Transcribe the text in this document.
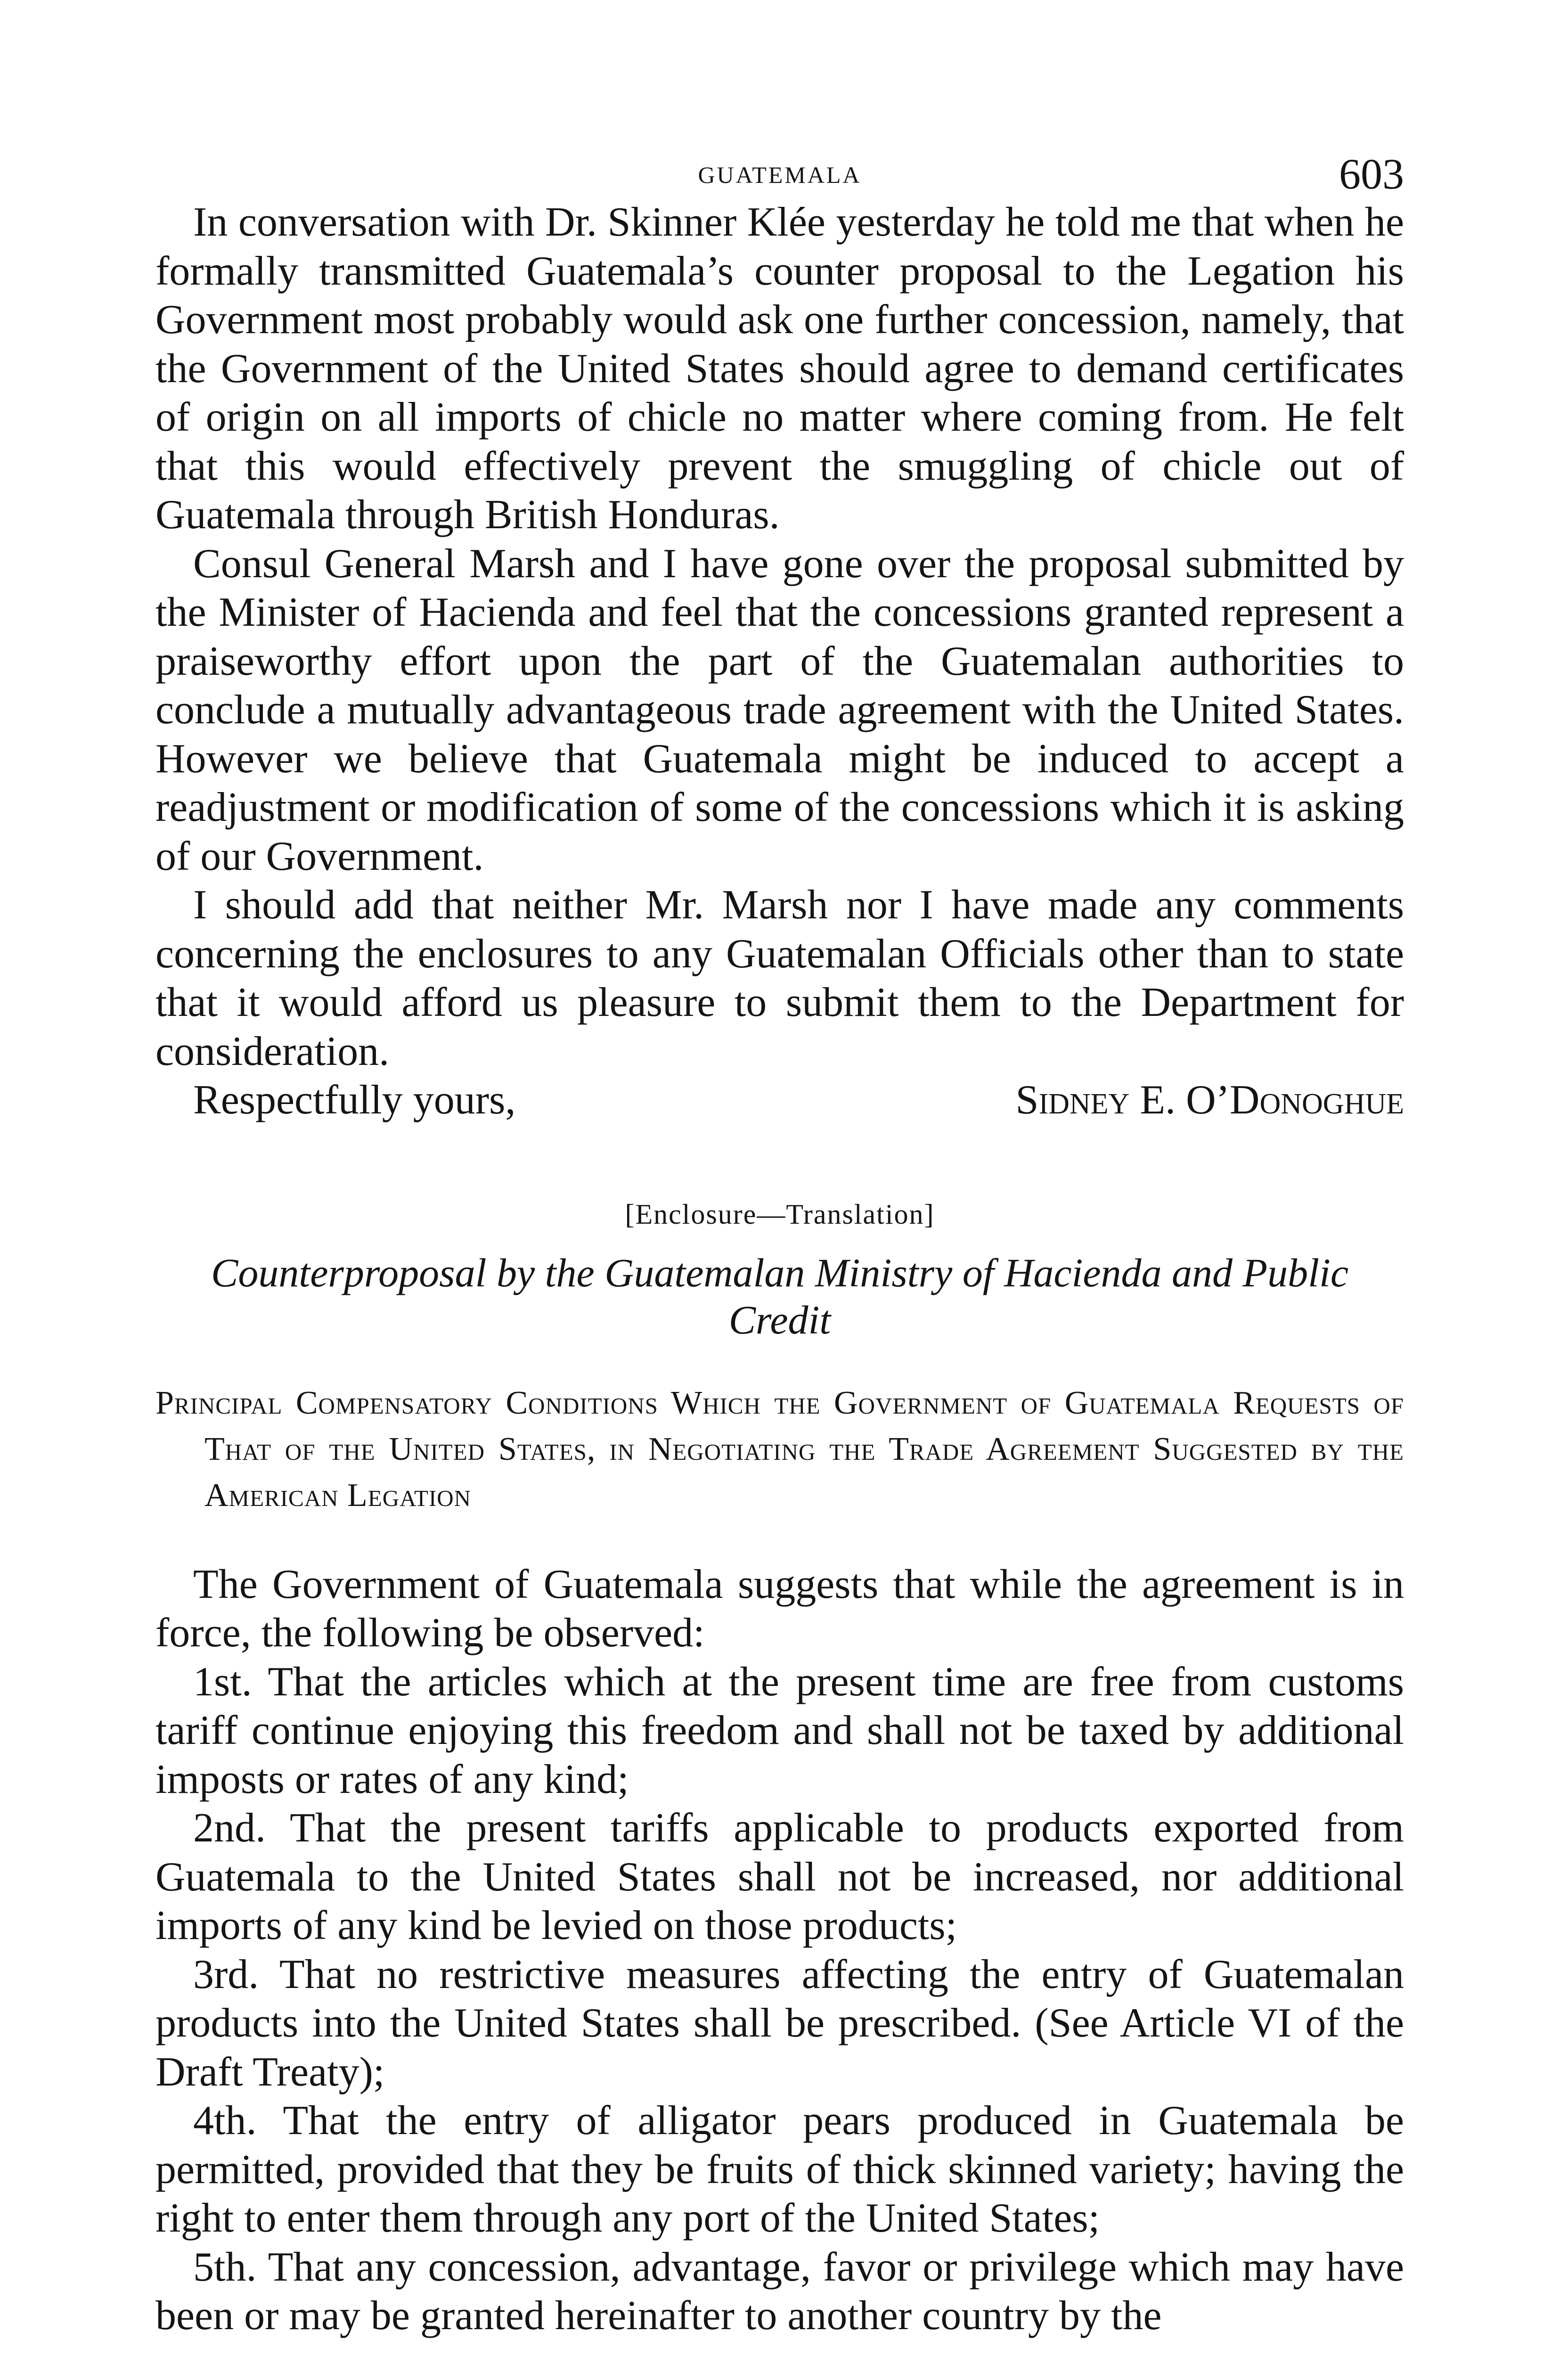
GUATEMALA	603

In conversation with Dr. Skinner Klée yesterday he told me that when he formally transmitted Guatemala’s counter proposal to the Legation his Government most probably would ask one further concession, namely, that the Government of the United States should agree to demand certificates of origin on all imports of chicle no matter where coming from. He felt that this would effectively prevent the smuggling of chicle out of Guatemala through British Honduras.

Consul General Marsh and I have gone over the proposal submitted by the Minister of Hacienda and feel that the concessions granted represent a praiseworthy effort upon the part of the Guatemalan authorities to conclude a mutually advantageous trade agreement with the United States. However we believe that Guatemala might be induced to accept a readjustment or modification of some of the concessions which it is asking of our Government.

I should add that neither Mr. Marsh nor I have made any comments concerning the enclosures to any Guatemalan Officials other than to state that it would afford us pleasure to submit them to the Department for consideration.

Respectfully yours,	Sidney E. O’Donoghue
[Enclosure—Translation]
Counterproposal by the Guatemalan Ministry of Hacienda and Public Credit
Principal Compensatory Conditions Which the Government of Guatemala Requests of That of the United States, in Negotiating the Trade Agreement Suggested by the American Legation

The Government of Guatemala suggests that while the agreement is in force, the following be observed:

1st. That the articles which at the present time are free from customs tariff continue enjoying this freedom and shall not be taxed by additional imposts or rates of any kind;

2nd. That the present tariffs applicable to products exported from Guatemala to the United States shall not be increased, nor additional imports of any kind be levied on those products;

3rd. That no restrictive measures affecting the entry of Guatemalan products into the United States shall be prescribed. (See Article VI of the Draft Treaty);

4th. That the entry of alligator pears produced in Guatemala be permitted, provided that they be fruits of thick skinned variety; having the right to enter them through any port of the United States;

5th. That any concession, advantage, favor or privilege which may have been or may be granted hereinafter to another country by the
